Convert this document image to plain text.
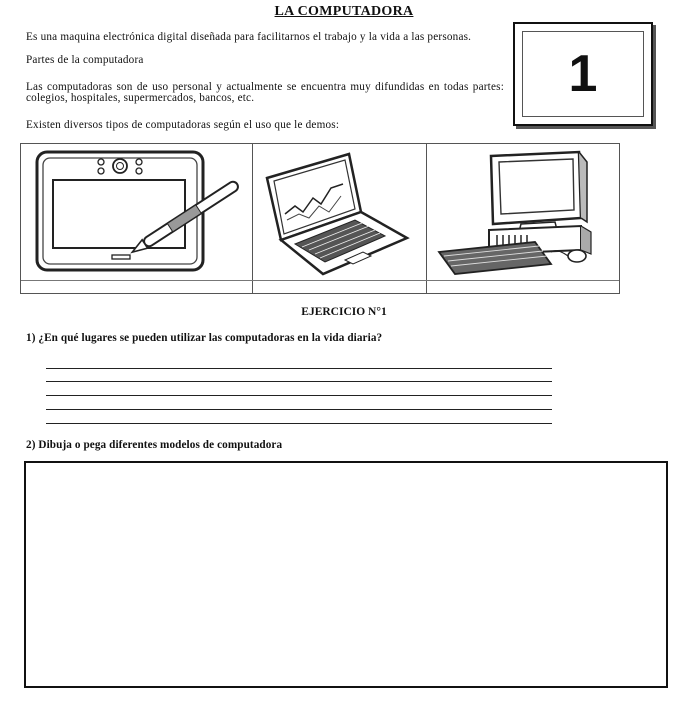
LA COMPUTADORA
Es una maquina electrónica digital diseñada para facilitarnos el trabajo y la vida a las personas.
Partes de la computadora
Las computadoras son de uso personal y actualmente se encuentra muy difundidas en todas partes: colegios, hospitales, supermercados, bancos, etc.
Existen diversos tipos de computadoras según el uso que le demos:
1
EJERCICIO N°1
1) ¿En qué lugares se pueden utilizar las computadoras en la vida diaria?
2) Dibuja o pega diferentes modelos de computadora
